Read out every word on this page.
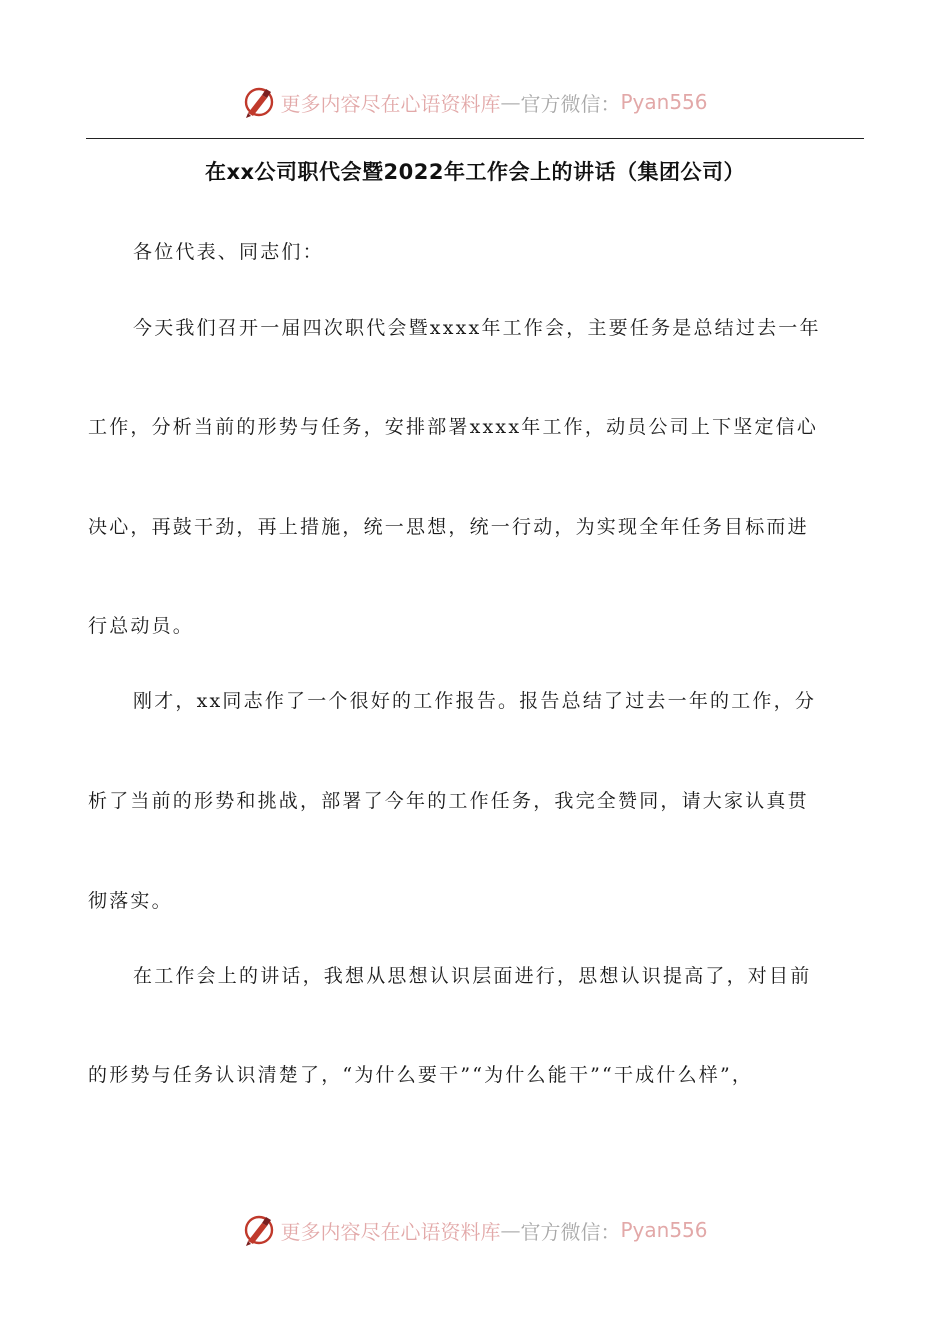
更多内容尽在心语资料库 — 官方微信： Pyan556
在xx公司职代会暨2022年工作会上的讲话（集团公司）
各位代表、同志们：
今天我们召开一届四次职代会暨xxxx年工作会，主要任务是总结过去一年
工作，分析当前的形势与任务，安排部署xxxx年工作，动员公司上下坚定信心
决心，再鼓干劲，再上措施，统一思想，统一行动，为实现全年任务目标而进
行总动员。
刚才，xx同志作了一个很好的工作报告。报告总结了过去一年的工作，分
析了当前的形势和挑战，部署了今年的工作任务，我完全赞同，请大家认真贯
彻落实。
在工作会上的讲话，我想从思想认识层面进行，思想认识提高了，对目前
的形势与任务认识清楚了，“为什么要干”“为什么能干”“干成什么样”，
更多内容尽在心语资料库 — 官方微信： Pyan556
